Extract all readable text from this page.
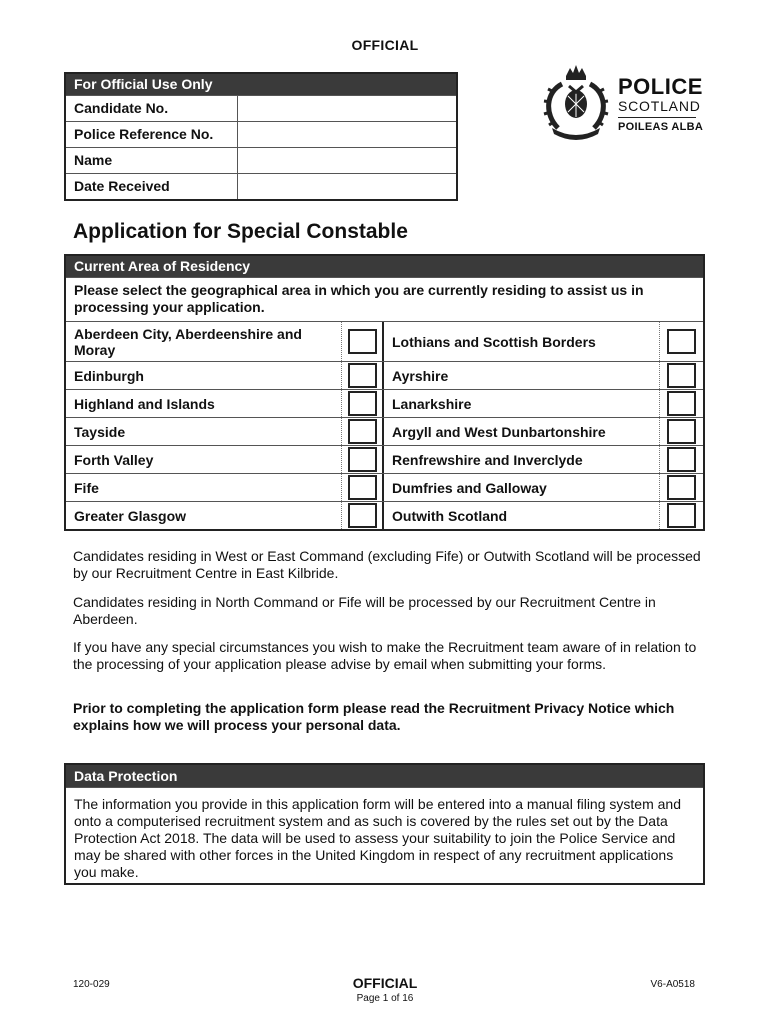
OFFICIAL
For Official Use Only
Candidate No.
Police Reference No.
Name
Date Received
POLICE
SCOTLAND
POILEAS ALBA
Application for Special Constable
Current Area of Residency
Please select the geographical area in which you are currently residing to assist us in processing your application.
Aberdeen City, Aberdeenshire and Moray	Lothians and Scottish Borders
Edinburgh	Ayrshire
Highland and Islands	Lanarkshire
Tayside	Argyll and West Dunbartonshire
Forth Valley	Renfrewshire and Inverclyde
Fife	Dumfries and Galloway
Greater Glasgow	Outwith Scotland
Candidates residing in West or East Command (excluding Fife) or Outwith Scotland will be processed by our Recruitment Centre in East Kilbride.
Candidates residing in North Command or Fife will be processed by our Recruitment Centre in Aberdeen.
If you have any special circumstances you wish to make the Recruitment team aware of in relation to the processing of your application please advise by email when submitting your forms.
Prior to completing the application form please read the Recruitment Privacy Notice which explains how we will process your personal data.
Data Protection
The information you provide in this application form will be entered into a manual filing system and onto a computerised recruitment system and as such is covered by the rules set out by the Data Protection Act 2018. The data will be used to assess your suitability to join the Police Service and may be shared with other forces in the United Kingdom in respect of any recruitment applications you make.
120-029	OFFICIAL	V6-A0518
Page 1 of 16
